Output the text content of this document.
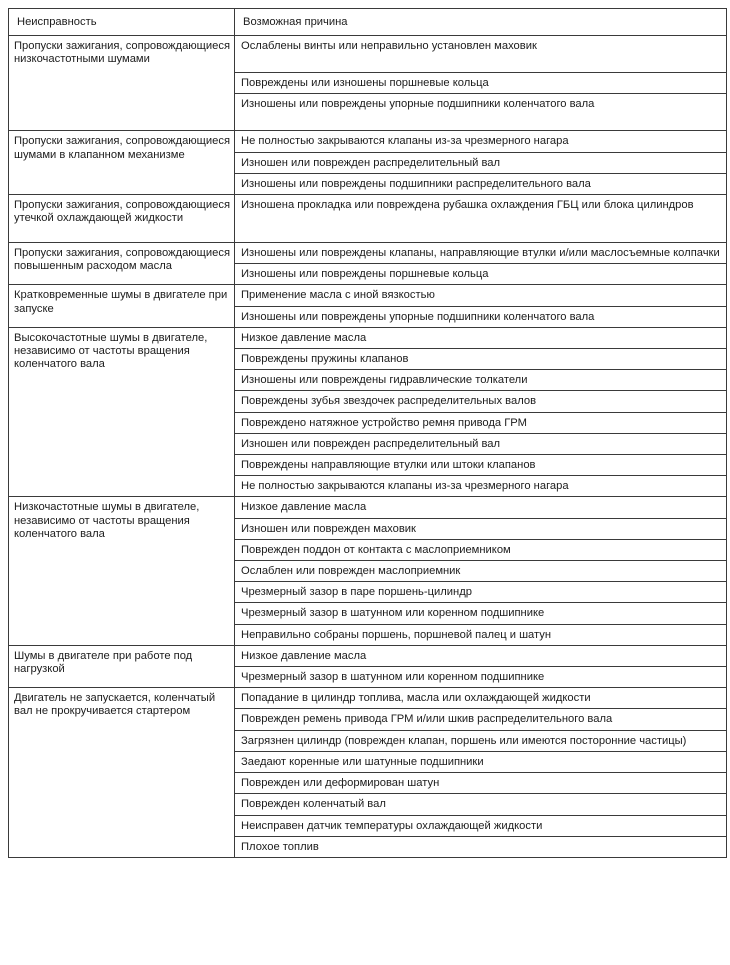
Неисправность	Возможная причина
Пропуски зажигания, сопровождающиеся низкочастотными шумами	Ослаблены винты или неправильно установлен маховик
	Повреждены или изношены поршневые кольца
	Изношены или повреждены упорные подшипники коленчатого вала
Пропуски зажигания, сопровождающиеся шумами в клапанном механизме	Не полностью закрываются клапаны из-за чрезмерного нагара
	Изношен или поврежден распределительный вал
	Изношены или повреждены подшипники распределительного вала
Пропуски зажигания, сопровождающиеся утечкой охлаждающей жидкости	Изношена прокладка или повреждена рубашка охлаждения ГБЦ или блока цилиндров
Пропуски зажигания, сопровождающиеся повышенным расходом масла	Изношены или повреждены клапаны, направляющие втулки и/или маслосъемные колпачки
	Изношены или повреждены поршневые кольца
Кратковременные шумы в двигателе при запуске	Применение масла с иной вязкостью
	Изношены или повреждены упорные подшипники коленчатого вала
Высокочастотные шумы в двигателе, независимо от частоты вращения коленчатого вала	Низкое давление масла
	Повреждены пружины клапанов
	Изношены или повреждены гидравлические толкатели
	Повреждены зубья звездочек распределительных валов
	Повреждено натяжное устройство ремня привода ГРМ
	Изношен или поврежден распределительный вал
	Повреждены направляющие втулки или штоки клапанов
	Не полностью закрываются клапаны из-за чрезмерного нагара
Низкочастотные шумы в двигателе, независимо от частоты вращения коленчатого вала	Низкое давление масла
	Изношен или поврежден маховик
	Поврежден поддон от контакта с маслоприемником
	Ослаблен или поврежден маслоприемник
	Чрезмерный зазор в паре поршень-цилиндр
	Чрезмерный зазор в шатунном или коренном подшипнике
	Неправильно собраны поршень, поршневой палец и шатун
Шумы в двигателе при работе под нагрузкой	Низкое давление масла
	Чрезмерный зазор в шатунном или коренном подшипнике
Двигатель не запускается, коленчатый вал не прокручивается стартером	Попадание в цилиндр топлива, масла или охлаждающей жидкости
	Поврежден ремень привода ГРМ и/или шкив распределительного вала
	Загрязнен цилиндр (поврежден клапан, поршень или имеются посторонние частицы)
	Заедают коренные или шатунные подшипники
	Поврежден или деформирован шатун
	Поврежден коленчатый вал
	Неисправен датчик температуры охлаждающей жидкости
	Плохое топлив
